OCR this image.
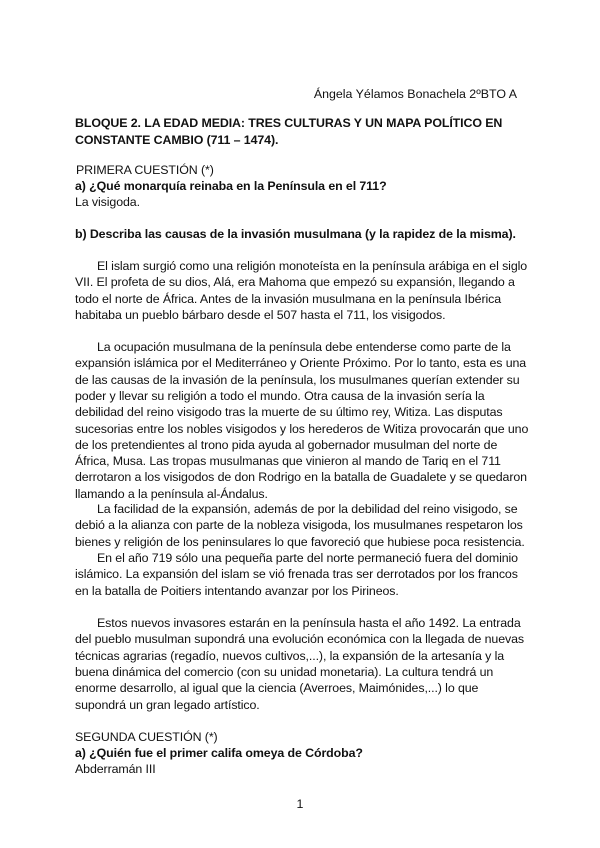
Ángela Yélamos Bonachela 2ºBTO A
BLOQUE 2. LA EDAD MEDIA: TRES CULTURAS Y UN MAPA POLÍTICO EN
CONSTANTE CAMBIO (711 – 1474).
PRIMERA CUESTIÓN (*)
a) ¿Qué monarquía reinaba en la Península en el 711?
La visigoda.
b) Describa las causas de la invasión musulmana (y la rapidez de la misma).
El islam surgió como una religión monoteísta en la península arábiga en el siglo
VII. El profeta de su dios, Alá, era Mahoma que empezó su expansión, llegando a
todo el norte de África. Antes de la invasión musulmana en la península Ibérica
habitaba un pueblo bárbaro desde el 507 hasta el 711, los visigodos.
La ocupación musulmana de la península debe entenderse como parte de la
expansión islámica por el Mediterráneo y Oriente Próximo. Por lo tanto, esta es una
de las causas de la invasión de la península, los musulmanes querían extender su
poder y llevar su religión a todo el mundo. Otra causa de la invasión sería la
debilidad del reino visigodo tras la muerte de su último rey, Witiza. Las disputas
sucesorias entre los nobles visigodos y los herederos de Witiza provocarán que uno
de los pretendientes al trono pida ayuda al gobernador musulman del norte de
África, Musa. Las tropas musulmanas que vinieron al mando de Tariq en el 711
derrotaron a los visigodos de don Rodrigo en la batalla de Guadalete y se quedaron
llamando a la península al-Ándalus.
La facilidad de la expansión, además de por la debilidad del reino visigodo, se
debió a la alianza con parte de la nobleza visigoda, los musulmanes respetaron los
bienes y religión de los peninsulares lo que favoreció que hubiese poca resistencia.
En el año 719 sólo una pequeña parte del norte permaneció fuera del dominio
islámico. La expansión del islam se vió frenada tras ser derrotados por los francos
en la batalla de Poitiers intentando avanzar por los Pirineos.
Estos nuevos invasores estarán en la península hasta el año 1492. La entrada
del pueblo musulman supondrá una evolución económica con la llegada de nuevas
técnicas agrarias (regadío, nuevos cultivos,...), la expansión de la artesanía y la
buena dinámica del comercio (con su unidad monetaria). La cultura tendrá un
enorme desarrollo, al igual que la ciencia (Averroes, Maimónides,...) lo que
supondrá un gran legado artístico.
SEGUNDA CUESTIÓN (*)
a) ¿Quién fue el primer califa omeya de Córdoba?
Abderramán III
1
